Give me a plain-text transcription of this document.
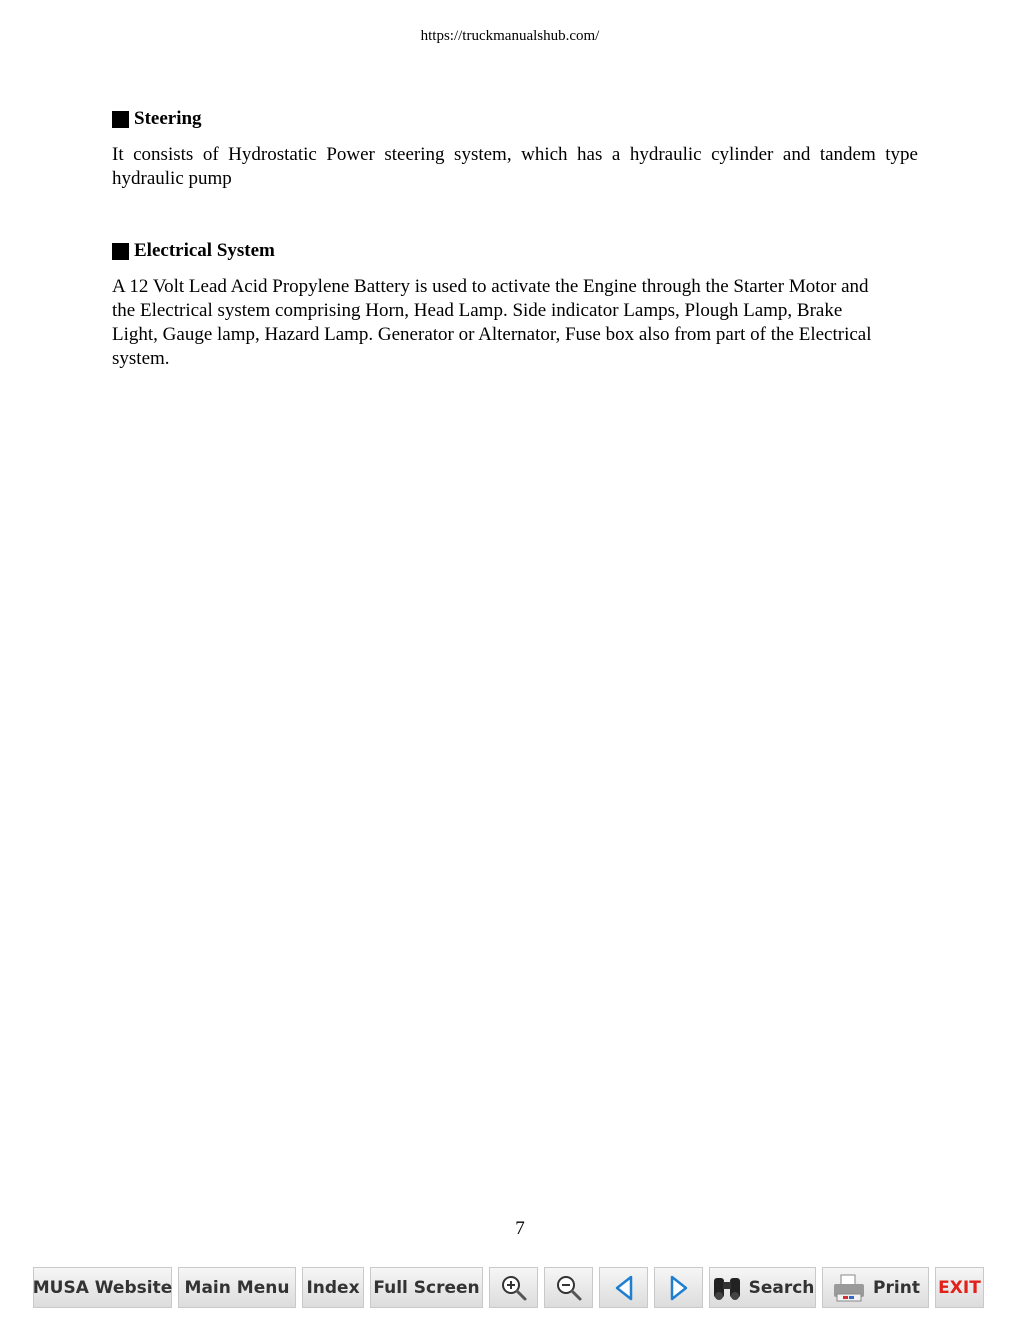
https://truckmanualshub.com/
Steering
It consists of Hydrostatic Power steering system, which has a hydraulic cylinder and tandem type hydraulic pump
Electrical System
A 12 Volt Lead Acid Propylene Battery is used to activate the Engine through the Starter Motor and
the Electrical system comprising Horn, Head Lamp. Side indicator Lamps, Plough Lamp, Brake
Light, Gauge lamp, Hazard Lamp. Generator or Alternator, Fuse box also from part of the Electrical
system.
7
MUSA Website Main Menu	Index Full Screen	Search	Print EXIT
